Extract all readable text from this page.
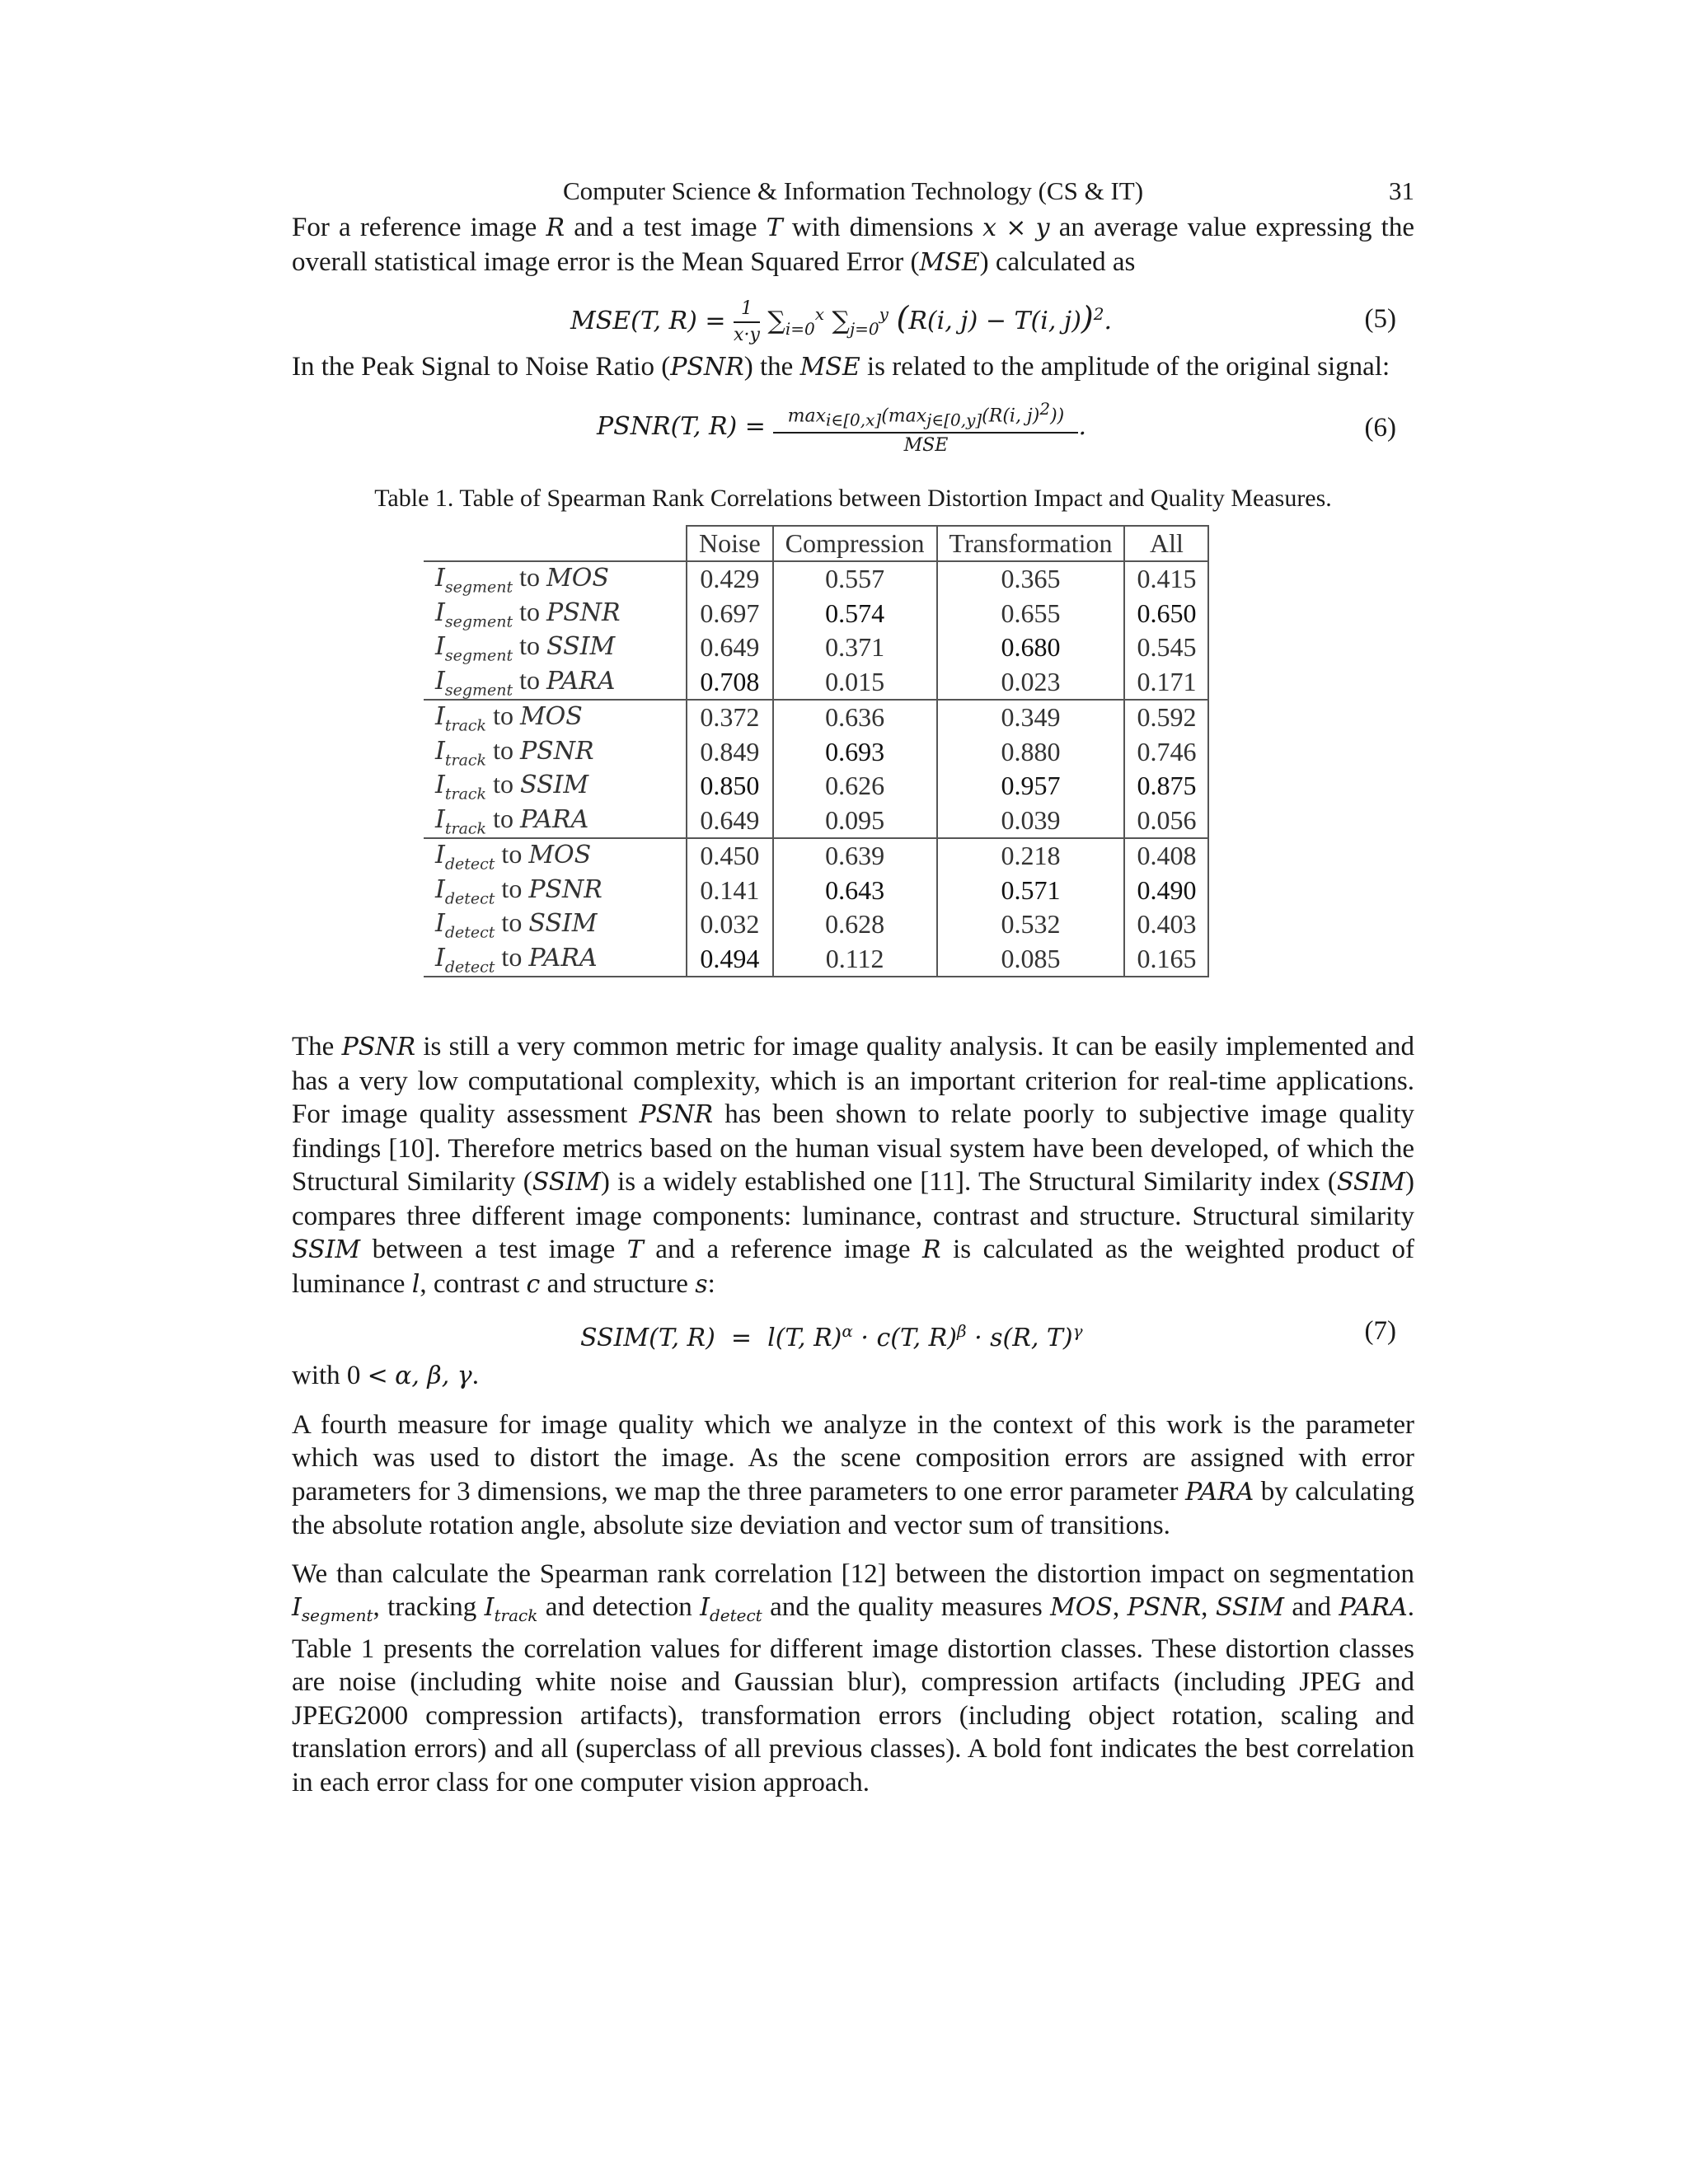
Computer Science & Information Technology (CS & IT)	31

For a reference image R and a test image T with dimensions x × y an average value expressing the overall statistical image error is the Mean Squared Error (MSE) calculated as

MSE(T, $R) = \frac{1}{x\cdot y} \sum_{i=0}^x$ $\sum_{j=0}^y$ (R(i, j) − T(i, j))$^2$.	(5)

In the Peak Signal to Noise Ratio (PSNR) the MSE is related to the amplitude of the original signal:

PSNR(T, $R) = \frac{\max_{i\in[0,x]}(\max_{j\in[0,y]}(R(i, j)^2))}{\text{MSE}}$ .	(6)

Table 1. Table of Spearman Rank Correlations between Distortion Impact and Quality Measures.

	Noise	Compression	Transformation	All
$I_{segment}$ to MOS	0.429	0.557	0.365	0.415
$I_{segment}$ to PSNR	0.697	0.574	0.655	0.650
$I_{segment}$ to SSIM	0.649	0.371	0.680	0.545
$I_{segment}$ to PARA	0.708	0.015	0.023	0.171
$I_{track}$ to MOS	0.372	0.636	0.349	0.592
$I_{track}$ to PSNR	0.849	0.693	0.880	0.746
$I_{track}$ to SSIM	0.850	0.626	0.957	0.875
$I_{track}$ to PARA	0.649	0.095	0.039	0.056
$I_{detect}$ to MOS	0.450	0.639	0.218	0.408
$I_{detect}$ to PSNR	0.141	0.643	0.571	0.490
$I_{detect}$ to SSIM	0.032	0.628	0.532	0.403
$I_{detect}$ to PARA	0.494	0.112	0.085	0.165

The PSNR is still a very common metric for image quality analysis. It can be easily implemented and has a very low computational complexity, which is an important criterion for real-time applications. For image quality assessment PSNR has been shown to relate poorly to subjective image quality findings [10]. Therefore metrics based on the human visual system have been developed, of which the Structural Similarity (SSIM) is a widely established one [11]. The Structural Similarity index (SSIM) compares three different image components: luminance, contrast and structure. Structural similarity SSIM between a test image T and a reference image R is calculated as the weighted product of luminance l, contrast c and structure s:

SSIM(T, R)  =  l(T, R)$^\alpha$ · c(T, R)$^\beta$ · s(R, T)$^\gamma$	(7)

with 0 < α, β, γ.

A fourth measure for image quality which we analyze in the context of this work is the parameter which was used to distort the image. As the scene composition errors are assigned with error parameters for 3 dimensions, we map the three parameters to one error parameter PARA by calculating the absolute rotation angle, absolute size deviation and vector sum of transitions.

We than calculate the Spearman rank correlation [12] between the distortion impact on segmentation $I_{segment}$, tracking $I_{track}$ and detection $I_{detect}$ and the quality measures MOS, PSNR, SSIM and PARA. Table 1 presents the correlation values for different image distortion classes. These distortion classes are noise (including white noise and Gaussian blur), compression artifacts (including JPEG and JPEG2000 compression artifacts), transformation errors (including object rotation, scaling and translation errors) and all (superclass of all previous classes). A bold font indicates the best correlation in each error class for one computer vision approach.
